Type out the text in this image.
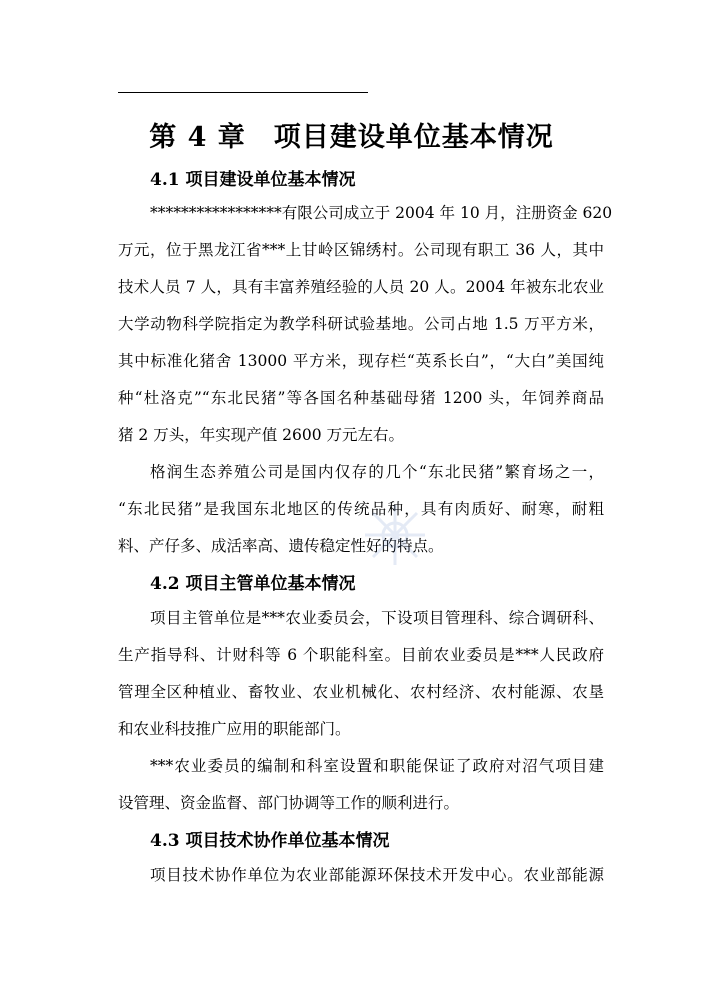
第 4 章　项目建设单位基本情况
4.1 项目建设单位基本情况
*****************有限公司成立于 2004 年 10 月，注册资金 620
万元，位于黑龙江省***上甘岭区锦绣村。公司现有职工 36 人，其中
技术人员 7 人，具有丰富养殖经验的人员 20 人。2004 年被东北农业
大学动物科学院指定为教学科研试验基地。公司占地 1.5 万平方米，
其中标准化猪舍 13000 平方米，现存栏“英系长白”，“大白”美国纯
种“杜洛克”“东北民猪”等各国名种基础母猪 1200 头，年饲养商品
猪 2 万头，年实现产值 2600 万元左右。
格润生态养殖公司是国内仅存的几个“东北民猪”繁育场之一，
“东北民猪”是我国东北地区的传统品种，具有肉质好、耐寒，耐粗
料、产仔多、成活率高、遗传稳定性好的特点。
4.2 项目主管单位基本情况
项目主管单位是***农业委员会，下设项目管理科、综合调研科、
生产指导科、计财科等 6 个职能科室。目前农业委员是***人民政府
管理全区种植业、畜牧业、农业机械化、农村经济、农村能源、农垦
和农业科技推广应用的职能部门。
***农业委员的编制和科室设置和职能保证了政府对沼气项目建
设管理、资金监督、部门协调等工作的顺利进行。
4.3 项目技术协作单位基本情况
项目技术协作单位为农业部能源环保技术开发中心。农业部能源
